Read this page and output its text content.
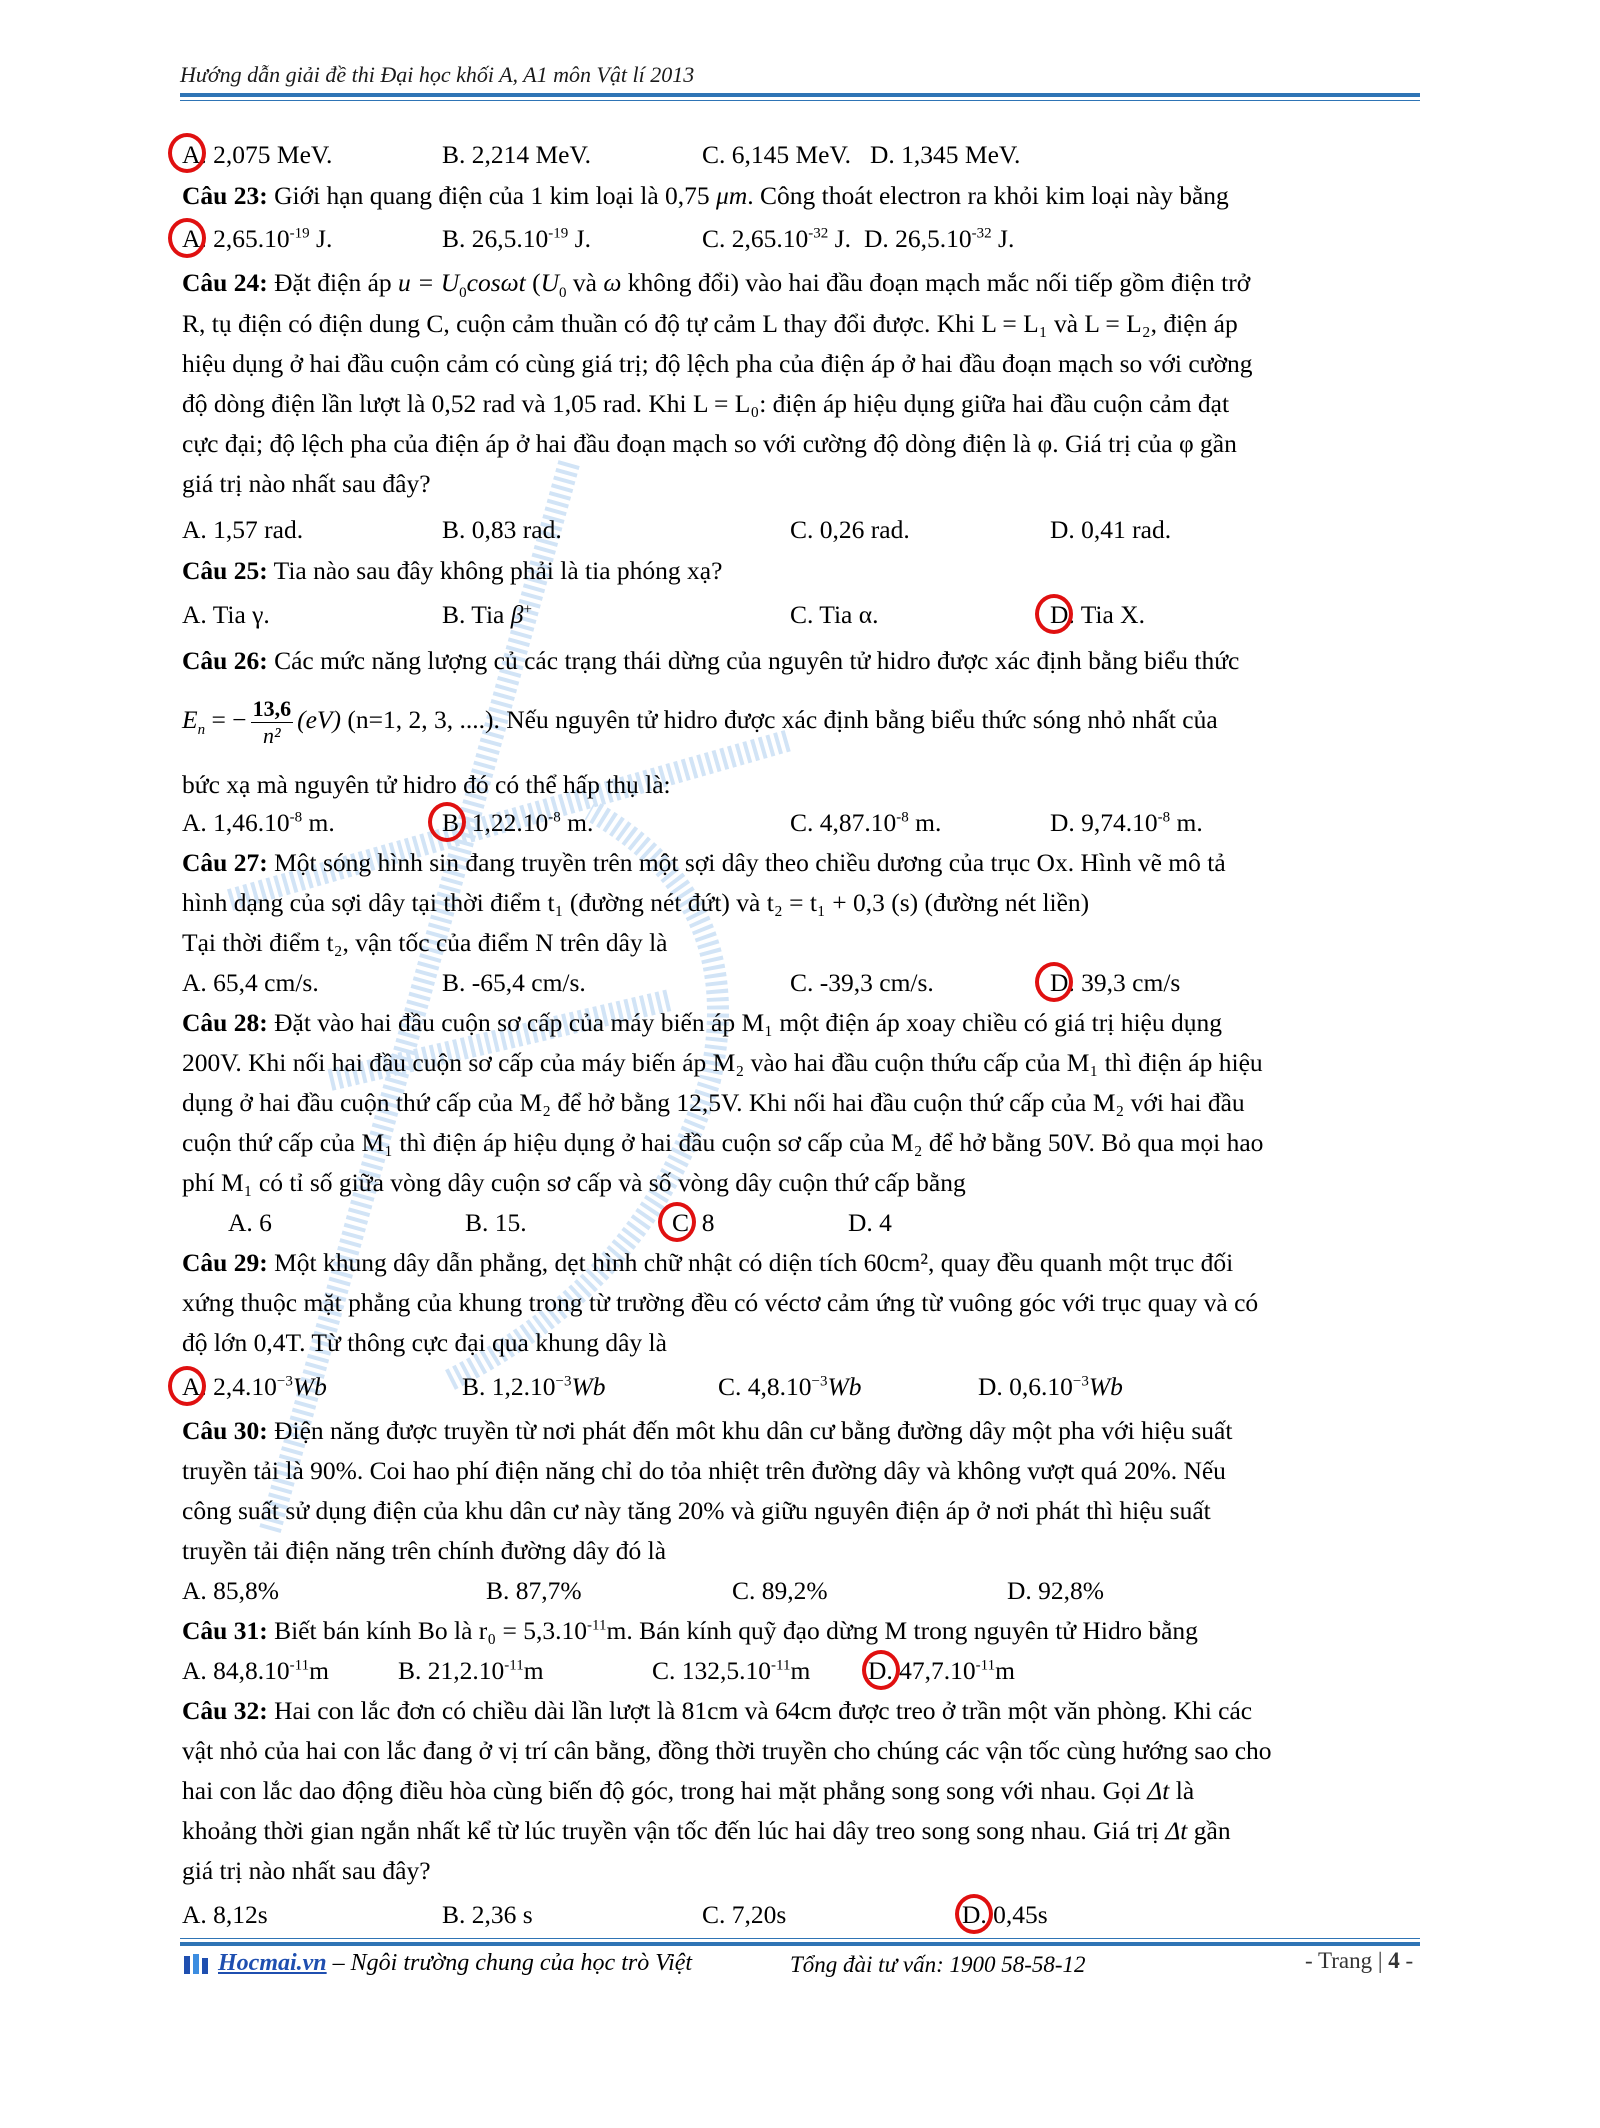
Hướng dẫn giải đề thi Đại học khối A, A1 môn Vật lí 2013
A. 2,075 MeV.	B. 2,214 MeV.	C. 6,145 MeV. D. 1,345 MeV.
Câu 23: Giới hạn quang điện của 1 kim loại là 0,75 μm. Công thoát electron ra khỏi kim loại này bằng
A. $2,65.10^{-19}$ J.	B. $26,5.10^{-19}$ J.	C. $2,65.10^{-32}$ J. D. $26,5.10^{-32}$ J.
Câu 24: Đặt điện áp $u = U_0\cos\omega t$ ($U_0$ và ω không đổi) vào hai đầu đoạn mạch mắc nối tiếp gồm điện trở
R, tụ điện có điện dung C, cuộn cảm thuần có độ tự cảm L thay đổi được. Khi L = L₁ và L = L₂, điện áp
hiệu dụng ở hai đầu cuộn cảm có cùng giá trị; độ lệch pha của điện áp ở hai đầu đoạn mạch so với cường
độ dòng điện lần lượt là 0,52 rad và 1,05 rad. Khi L = L₀: điện áp hiệu dụng giữa hai đầu cuộn cảm đạt
cực đại; độ lệch pha của điện áp ở hai đầu đoạn mạch so với cường độ dòng điện là φ. Giá trị của φ gần
giá trị nào nhất sau đây?
A. 1,57 rad.	B. 0,83 rad.	C. 0,26 rad.	D. 0,41 rad.
Câu 25: Tia nào sau đây không phải là tia phóng xạ?
A. Tia γ.	B. Tia β+	C. Tia α.	D. Tia X.
Câu 26: Các mức năng lượng củ các trạng thái dừng của nguyên tử hidro được xác định bằng biểu thức
$E_n$ = − $\frac{13,6}{\text{n²}} (eV)$ (n=1, 2, 3, ....). Nếu nguyên tử hidro được xác định bằng biểu thức sóng nhỏ nhất của
bức xạ mà nguyên tử hidro đó có thể hấp thụ là:
A. $1,46.10^{-8}$ m.	B. $1,22.10^{-8}$ m.	C. $4,87.10^{-8}$ m.	D. $9,74.10^{-8}$ m.
Câu 27: Một sóng hình sin đang truyền trên một sợi dây theo chiều dương của trục Ox. Hình vẽ mô tả
hình dạng của sợi dây tại thời điểm t₁ (đường nét đứt) và t₂ = t₁ + 0,3 (s) (đường nét liền)
Tại thời điểm t₂, vận tốc của điểm N trên dây là
A. 65,4 cm/s.	B. -65,4 cm/s.	C. -39,3 cm/s.	D. 39,3 cm/s
Câu 28: Đặt vào hai đầu cuộn sơ cấp của máy biến áp M₁ một điện áp xoay chiều có giá trị hiệu dụng
200V. Khi nối hai đầu cuộn sơ cấp của máy biến áp M₂ vào hai đầu cuộn thứu cấp của M₁ thì điện áp hiệu
dụng ở hai đầu cuộn thứ cấp của M₂ để hở bằng 12,5V. Khi nối hai đầu cuộn thứ cấp của M₂ với hai đầu
cuộn thứ cấp của M₁ thì điện áp hiệu dụng ở hai đầu cuộn sơ cấp của M₂ để hở bằng 50V. Bỏ qua mọi hao
phí M₁ có tỉ số giữa vòng dây cuộn sơ cấp và số vòng dây cuộn thứ cấp bằng
A. 6	B. 15.	C. 8	D. 4
Câu 29: Một khung dây dẫn phẳng, dẹt hình chữ nhật có diện tích 60cm², quay đều quanh một trục đối
xứng thuộc mặt phẳng của khung trong từ trường đều có véctơ cảm ứng từ vuông góc với trục quay và có
độ lớn 0,4T. Từ thông cực đại qua khung dây là
A. $2,4.10^{-3}Wb$	B. $1,2.10^{-3}Wb$	C. $4,8.10^{-3}Wb$	D. $0,6.10^{-3}Wb$
Câu 30: Điện năng được truyền từ nơi phát đến môt khu dân cư bằng đường dây một pha với hiệu suất
truyền tải là 90%. Coi hao phí điện năng chỉ do tỏa nhiệt trên đường dây và không vượt quá 20%. Nếu
công suất sử dụng điện của khu dân cư này tăng 20% và giữu nguyên điện áp ở nơi phát thì hiệu suất
truyền tải điện năng trên chính đường dây đó là
A. 85,8%	B. 87,7%	C. 89,2%	D. 92,8%
Câu 31: Biết bán kính Bo là $r_0 = 5,3.10^{-11}m$. Bán kính quỹ đạo dừng M trong nguyên tử Hidro bằng
A. $84,8.10^{-11}m$	B. $21,2.10^{-11}m$	C. $132,5.10^{-11}m$ D. $47,7.10^{-11}m$
Câu 32: Hai con lắc đơn có chiều dài lần lượt là 81cm và 64cm được treo ở trần một văn phòng. Khi các
vật nhỏ của hai con lắc đang ở vị trí cân bằng, đồng thời truyền cho chúng các vận tốc cùng hướng sao cho
hai con lắc dao động điều hòa cùng biến độ góc, trong hai mặt phẳng song song với nhau. Gọi Δt là
khoảng thời gian ngắn nhất kể từ lúc truyền vận tốc đến lúc hai dây treo song song nhau. Giá trị Δt gần
giá trị nào nhất sau đây?
A. 8,12s	B. 2,36 s	C. 7,20s	D. 0,45s
Hocmai.vn – Ngôi trường chung của học trò Việt	Tổng đài tư vấn: 1900 58-58-12	- Trang | 4 -
